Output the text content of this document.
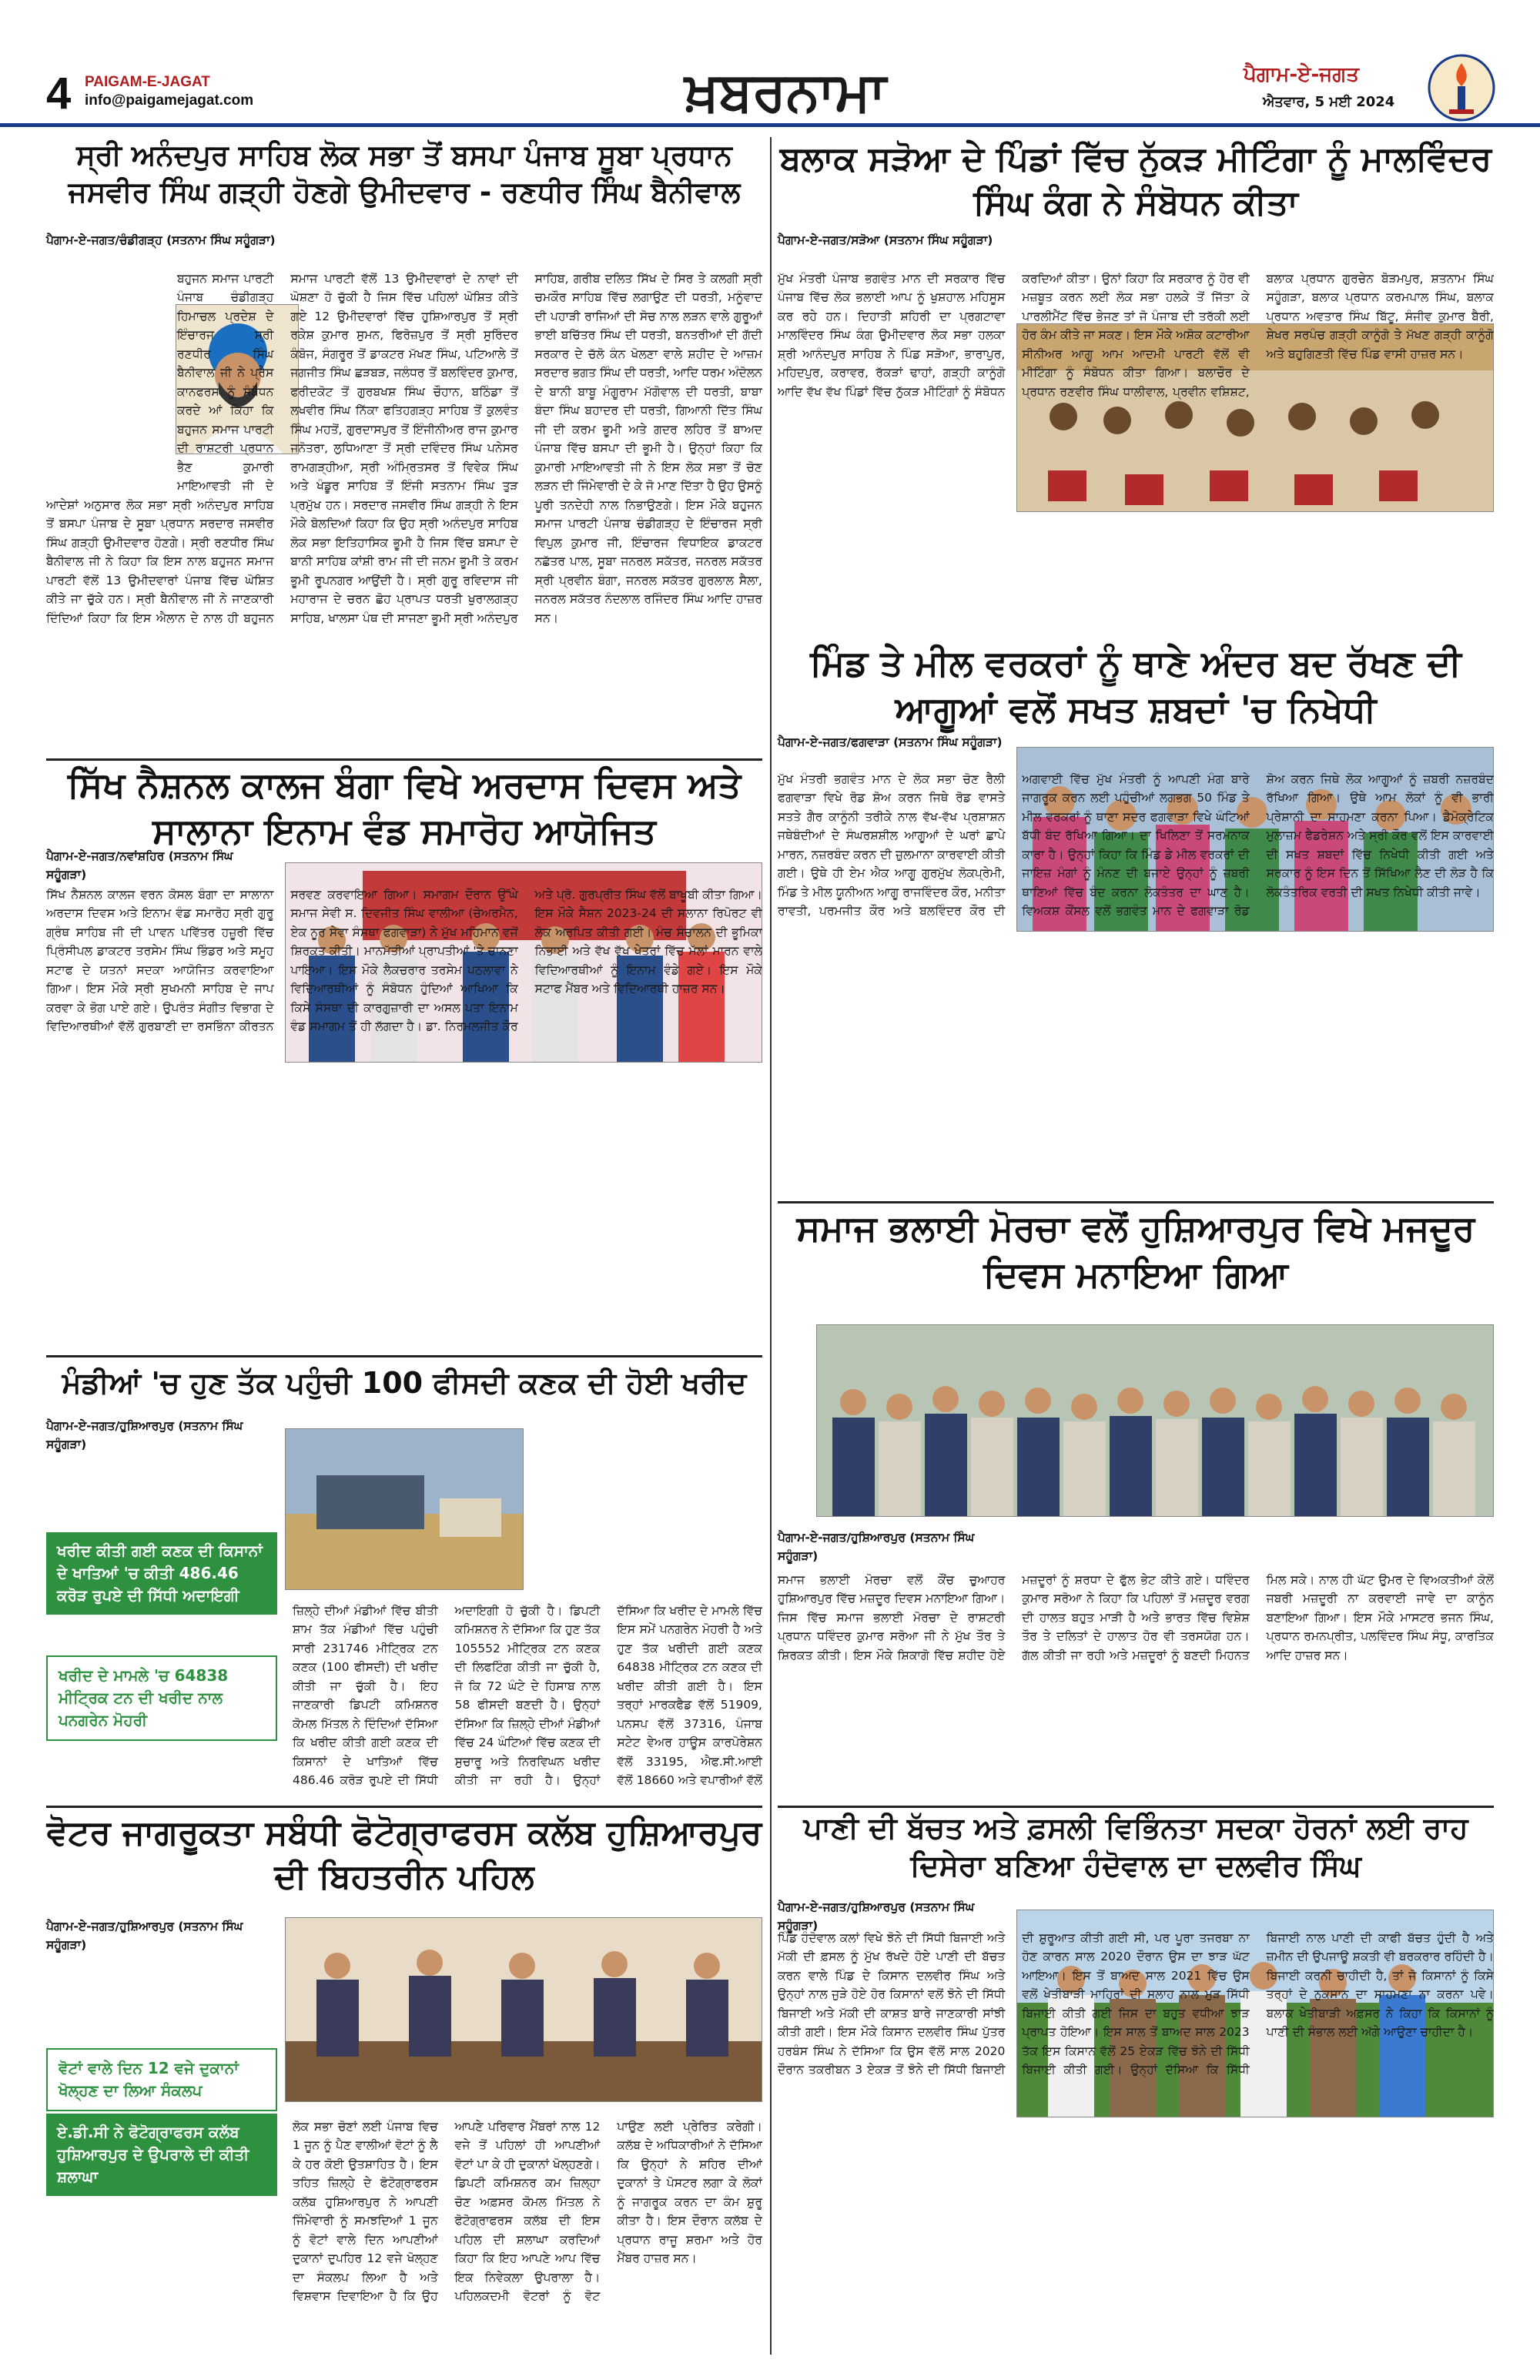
4 PAIGAM-E-JAGAT
info@paigamejagat.com	ਖ਼ਬਰਨਾਮਾ	ਪੈਗਾਮ-ਏ-ਜਗਤ
ਐਤਵਾਰ, 5 ਮਈ 2024
ਸ੍ਰੀ ਅਨੰਦਪੁਰ ਸਾਹਿਬ ਲੋਕ ਸਭਾ ਤੋਂ ਬਸਪਾ ਪੰਜਾਬ ਸੂਬਾ ਪ੍ਰਧਾਨ ਜਸਵੀਰ ਸਿੰਘ ਗੜ੍ਹੀ ਹੋਣਗੇ ਉਮੀਦਵਾਰ - ਰਣਧੀਰ ਸਿੰਘ ਬੈਨੀਵਾਲ
ਪੈਗਾਮ-ਏ-ਜਗਤ/ਚੰਡੀਗੜ੍ਹ (ਸਤਨਾਮ ਸਿੰਘ ਸਹੂੰਗੜਾ)
ਬਹੁਜਨ ਸਮਾਜ ਪਾਰਟੀ ਪੰਜਾਬ ਚੰਡੀਗੜ੍ਹ ਹਿਮਾਚਲ ਪ੍ਰਦੇਸ਼ ਦੇ ਇੰਚਾਰਜ ਸ੍ਰੀ ਰਣਧੀਰ ਸਿੰਘ ਬੈਨੀਵਾਲ ਜੀ ਨੇ ਪ੍ਰੈਸ ਕਾਨਫਰਸ ਨੂੰ ਸੰਬੋਧਨ ਕਰਦੇ ਆਂ ਕਿਹਾ ਕਿ ਬਹੁਜਨ ਸਮਾਜ ਪਾਰਟੀ ਦੀ ਰਾਸ਼ਟਰੀ ਪ੍ਰਧਾਨ ਭੈਣ ਕੁਮਾਰੀ ਮਾਇਆਵਤੀ ਜੀ ਦੇ ਆਦੇਸ਼ਾਂ ਅਨੁਸਾਰ ਲੋਕ ਸਭਾ ਸ੍ਰੀ ਅਨੰਦਪੁਰ ਸਾਹਿਬ ਤੋਂ ਬਸਪਾ ਪੰਜਾਬ ਦੇ ਸੂਬਾ ਪ੍ਰਧਾਨ ਸਰਦਾਰ ਜਸਵੀਰ ਸਿੰਘ ਗੜ੍ਹੀ ਉਮੀਦਵਾਰ ਹੋਣਗੇ। ਸ੍ਰੀ ਰਣਧੀਰ ਸਿੰਘ ਬੈਨੀਵਾਲ ਜੀ ਨੇ ਕਿਹਾ ਕਿ ਇਸ ਨਾਲ ਬਹੁਜਨ ਸਮਾਜ ਪਾਰਟੀ ਵੱਲੋਂ 13 ਉਮੀਦਵਾਰਾਂ ਪੰਜਾਬ ਵਿੱਚ ਘੋਸ਼ਿਤ ਕੀਤੇ ਜਾ ਚੁੱਕੇ ਹਨ। ਸ੍ਰੀ ਬੈਨੀਵਾਲ ਜੀ ਨੇ ਜਾਣਕਾਰੀ ਦਿੰਦਿਆਂ ਕਿਹਾ ਕਿ ਇਸ ਐਲਾਨ ਦੇ ਨਾਲ ਹੀ ਬਹੁਜਨ ਸਮਾਜ ਪਾਰਟੀ ਵੱਲੋਂ 13 ਉਮੀਦਵਾਰਾਂ ਦੇ ਨਾਵਾਂ ਦੀ ਘੋਸ਼ਣਾ ਹੋ ਚੁੱਕੀ ਹੈ ਜਿਸ ਵਿੱਚ ਪਹਿਲਾਂ ਘੋਸ਼ਿਤ ਕੀਤੇ ਗਏ 12 ਉਮੀਦਵਾਰਾਂ ਵਿੱਚ ਹੁਸ਼ਿਆਰਪੁਰ ਤੋਂ ਸ੍ਰੀ ਰਕੇਸ਼ ਕੁਮਾਰ ਸੁਮਨ, ਫਿਰੋਜ਼ਪੁਰ ਤੋਂ ਸ੍ਰੀ ਸੁਰਿੰਦਰ ਕੰਬੋਜ, ਸੰਗਰੂਰ ਤੋਂ ਡਾਕਟਰ ਮੱਖਣ ਸਿੰਘ, ਪਟਿਆਲੇ ਤੋਂ ਜਗਜੀਤ ਸਿੰਘ ਛੜਬੜ, ਜਲੰਧਰ ਤੋਂ ਬਲਵਿੰਦਰ ਕੁਮਾਰ, ਫਰੀਦਕੋਟ ਤੋਂ ਗੁਰਬਖਸ਼ ਸਿੰਘ ਚੌਹਾਨ, ਬਠਿੰਡਾ ਤੋਂ ਲਖਵੀਰ ਸਿੰਘ ਨਿੱਕਾ ਫਤਿਹਗੜ੍ਹ ਸਾਹਿਬ ਤੋਂ ਕੁਲਵੰਤ ਸਿੰਘ ਮਹਤੋਂ, ਗੁਰਦਾਸਪੁਰ ਤੋਂ ਇੰਜੀਨੀਅਰ ਰਾਜ ਕੁਮਾਰ ਜਨੋਤਰਾ, ਲੁਧਿਆਣਾ ਤੋਂ ਸ੍ਰੀ ਦਵਿੰਦਰ ਸਿੰਘ ਪਨੇਸਰ ਰਾਮਗੜ੍ਹੀਆ, ਸ੍ਰੀ ਅੰਮ੍ਰਿਤਸਰ ਤੋਂ ਵਿਵੇਕ ਸਿੰਘ ਅਤੇ ਖੰਡੂਰ ਸਾਹਿਬ ਤੋਂ ਇੰਜੀ ਸਤਨਾਮ ਸਿੰਘ ਤੁੜ ਪ੍ਰਮੁੱਖ ਹਨ। ਸਰਦਾਰ ਜਸਵੀਰ ਸਿੰਘ ਗੜ੍ਹੀ ਨੇ ਇਸ ਮੌਕੇ ਬੋਲਦਿਆਂ ਕਿਹਾ ਕਿ ਉਹ ਸ੍ਰੀ ਅਨੰਦਪੁਰ ਸਾਹਿਬ ਲੋਕ ਸਭਾ ਇਤਿਹਾਸਿਕ ਭੂਮੀ ਹੈ ਜਿਸ ਵਿੱਚ ਬਸਪਾ ਦੇ ਬਾਨੀ ਸਾਹਿਬ ਕਾਂਸ਼ੀ ਰਾਮ ਜੀ ਦੀ ਜਨਮ ਭੂਮੀ ਤੇ ਕਰਮ ਭੂਮੀ ਰੂਪਨਗਰ ਆਉਂਦੀ ਹੈ। ਸ੍ਰੀ ਗੁਰੂ ਰਵਿਦਾਸ ਜੀ ਮਹਾਰਾਜ ਦੇ ਚਰਨ ਛੋਹ ਪ੍ਰਾਪਤ ਧਰਤੀ ਖੁਰਾਲਗੜ੍ਹ ਸਾਹਿਬ, ਖਾਲਸਾ ਪੰਥ ਦੀ ਸਾਜਣਾ ਭੂਮੀ ਸ੍ਰੀ ਅਨੰਦਪੁਰ ਸਾਹਿਬ, ਗਰੀਬ ਦਲਿਤ ਸਿੱਖ ਦੇ ਸਿਰ ਤੇ ਕਲਗੀ ਸ੍ਰੀ ਚਮਕੌਰ ਸਾਹਿਬ ਵਿੱਚ ਲਗਾਉਣ ਦੀ ਧਰਤੀ, ਮਨੂੰਵਾਦ ਦੀ ਪਹਾੜੀ ਰਾਜਿਆਂ ਦੀ ਸੋਚ ਨਾਲ ਲੜਨ ਵਾਲੇ ਗੁਰੂਆਂ ਭਾਈ ਬਚਿੱਤਰ ਸਿੰਘ ਦੀ ਧਰਤੀ, ਬਨਤਰੀਆਂ ਦੀ ਗੱਦੀ ਸਰਕਾਰ ਦੇ ਚੱਲੋ ਕੰਨ ਖੋਲਣਾ ਵਾਲੇ ਸ਼ਹੀਦ ਦੇ ਆਜ਼ਮ ਸਰਦਾਰ ਭਗਤ ਸਿੰਘ ਦੀ ਧਰਤੀ, ਆਦਿ ਧਰਮ ਅੰਦੋਲਨ ਦੇ ਬਾਨੀ ਬਾਬੂ ਮੰਗੂਰਾਮ ਮੱਗੋਵਾਲ ਦੀ ਧਰਤੀ, ਬਾਬਾ ਬੰਦਾ ਸਿੰਘ ਬਹਾਦਰ ਦੀ ਧਰਤੀ, ਗਿਆਨੀ ਦਿੱਤ ਸਿੰਘ ਜੀ ਦੀ ਕਰਮ ਭੂਮੀ ਅਤੇ ਗਦਰ ਲਹਿਰ ਤੋਂ ਬਾਅਦ ਪੰਜਾਬ ਵਿੱਚ ਬਸਪਾ ਦੀ ਭੂਮੀ ਹੈ। ਉਨ੍ਹਾਂ ਕਿਹਾ ਕਿ ਕੁਮਾਰੀ ਮਾਇਆਵਤੀ ਜੀ ਨੇ ਇਸ ਲੋਕ ਸਭਾ ਤੋਂ ਚੋਣ ਲੜਨ ਦੀ ਜਿੰਮੇਵਾਰੀ ਦੇ ਕੇ ਜੋ ਮਾਣ ਦਿੱਤਾ ਹੈ ਉਹ ਉਸਨੂੰ ਪੂਰੀ ਤਨਦੇਹੀ ਨਾਲ ਨਿਭਾਉਣਗੇ। ਇਸ ਮੌਕੇ ਬਹੁਜਨ ਸਮਾਜ ਪਾਰਟੀ ਪੰਜਾਬ ਚੰਡੀਗੜ੍ਹ ਦੇ ਇੰਚਾਰਜ ਸ੍ਰੀ ਵਿਪੁਲ ਕੁਮਾਰ ਜੀ, ਇੰਚਾਰਜ ਵਿਧਾਇਕ ਡਾਕਟਰ ਨਛੱਤਰ ਪਾਲ, ਸੂਬਾ ਜਨਰਲ ਸਕੱਤਰ, ਜਨਰਲ ਸਕੱਤਰ ਸ੍ਰੀ ਪ੍ਰਵੀਨ ਬੰਗਾ, ਜਨਰਲ ਸਕੱਤਰ ਗੁਰਲਾਲ ਸੈਲਾ, ਜਨਰਲ ਸਕੱਤਰ ਨੰਦਲਾਲ ਰਜਿੰਦਰ ਸਿੰਘ ਆਦਿ ਹਾਜ਼ਰ ਸਨ।
ਬਲਾਕ ਸੜੋਆ ਦੇ ਪਿੰਡਾਂ ਵਿੱਚ ਨੁੱਕੜ ਮੀਟਿੰਗਾ ਨੂੰ ਮਾਲਵਿੰਦਰ ਸਿੰਘ ਕੰਗ ਨੇ ਸੰਬੋਧਨ ਕੀਤਾ
ਪੈਗਾਮ-ਏ-ਜਗਤ/ਸੜੋਆ (ਸਤਨਾਮ ਸਿੰਘ ਸਹੂੰਗੜਾ)
ਮੁੱਖ ਮੰਤਰੀ ਪੰਜਾਬ ਭਗਵੰਤ ਮਾਨ ਦੀ ਸਰਕਾਰ ਵਿੱਚ ਪੰਜਾਬ ਵਿੱਚ ਲੋਕ ਭਲਾਈ ਆਪ ਨੂੰ ਖੁਸ਼ਹਾਲ ਮਹਿਸੂਸ ਕਰ ਰਹੇ ਹਨ। ਦਿਹਾਤੀ ਸ਼ਹਿਰੀ ਦਾ ਪ੍ਰਗਟਾਵਾ ਮਾਲਵਿੰਦਰ ਸਿੰਘ ਕੰਗ ਉਮੀਦਵਾਰ ਲੋਕ ਸਭਾ ਹਲਕਾ ਸ਼੍ਰੀ ਆਨੰਦਪੁਰ ਸਾਹਿਬ ਨੇ ਪਿੰਡ ਸੜੋਆ, ਭਾਰਾਪੁਰ, ਮਹਿਦਪੁਰ, ਕਰਾਵਰ, ਰੱਕੜਾਂ ਢਾਹਾਂ, ਗੜ੍ਹੀ ਕਾਨੂੰਗੋ ਆਦਿ ਵੱਖ ਵੱਖ ਪਿੰਡਾਂ ਵਿੱਚ ਨੁੱਕੜ ਮੀਟਿੰਗਾਂ ਨੂੰ ਸੰਬੋਧਨ ਕਰਦਿਆਂ ਕੀਤਾ। ਉਨਾਂ ਕਿਹਾ ਕਿ ਸਰਕਾਰ ਨੂੰ ਹੋਰ ਵੀ ਮਜ਼ਬੂਤ ਕਰਨ ਲਈ ਲੋਕ ਸਭਾ ਹਲਕੇ ਤੋਂ ਜਿੱਤਾ ਕੇ ਪਾਰਲੀਮੈਂਟ ਵਿੱਚ ਭੇਜਣ ਤਾਂ ਜੋ ਪੰਜਾਬ ਦੀ ਤਰੱਕੀ ਲਈ ਹੋਰ ਕੰਮ ਕੀਤੇ ਜਾ ਸਕਣ। ਇਸ ਮੌਕੇ ਅਸ਼ੋਕ ਕਟਾਰੀਆ ਸੀਨੀਅਰ ਆਗੂ ਆਮ ਆਦਮੀ ਪਾਰਟੀ ਵੱਲੋਂ ਵੀ ਮੀਟਿੰਗਾ ਨੂੰ ਸੰਬੋਧਨ ਕੀਤਾ ਗਿਆ। ਬਲਾਚੌਰ ਦੇ ਪ੍ਰਧਾਨ ਰਣਵੀਰ ਸਿੰਘ ਧਾਲੀਵਾਲ, ਪ੍ਰਵੀਨ ਵਸ਼ਿਸ਼ਟ, ਬਲਾਕ ਪ੍ਰਧਾਨ ਗੁਰਚੇਨ ਬੋੜਮਪੁਰ, ਸ਼ਤਨਾਮ ਸਿੰਘ ਸਹੂੰਗੜਾ, ਬਲਾਕ ਪ੍ਰਧਾਨ ਕਰਮਪਾਲ ਸਿੰਘ, ਬਲਾਕ ਪ੍ਰਧਾਨ ਅਵਤਾਰ ਸਿੰਘ ਬਿੱਟੂ, ਸੰਜੀਵ ਕੁਮਾਰ ਬੈਰੀ, ਸ਼ੇਖਰ ਸਰਪੰਚ ਗੜ੍ਹੀ ਕਾਨੂੰਗੋ ਤੇ ਮੱਖਣ ਗੜ੍ਹੀ ਕਾਨੂੰਗੋ ਅਤੇ ਬਹੁਗਿਣਤੀ ਵਿੱਚ ਪਿੰਡ ਵਾਸੀ ਹਾਜ਼ਰ ਸਨ।
ਮਿੰਡ ਤੇ ਮੀਲ ਵਰਕਰਾਂ ਨੂੰ ਥਾਣੇ ਅੰਦਰ ਬਦ ਰੱਖਣ ਦੀ ਆਗੂਆਂ ਵਲੋਂ ਸਖਤ ਸ਼ਬਦਾਂ 'ਚ ਨਿਖੇਧੀ
ਪੈਗਾਮ-ਏ-ਜਗਤ/ਫਗਵਾੜਾ (ਸਤਨਾਮ ਸਿੰਘ ਸਹੂੰਗੜਾ)
ਮੁੱਖ ਮੰਤਰੀ ਭਗਵੰਤ ਮਾਨ ਦੇ ਲੋਕ ਸਭਾ ਚੋਣ ਰੈਲੀ ਫਗਵਾੜਾ ਵਿਖੇ ਰੋਡ ਸ਼ੋਅ ਕਰਨ ਜਿਥੇ ਰੋਡ ਵਾਸਤੇ ਸਤਤੇ ਗੈਰ ਕਾਨੂੰਨੀ ਤਰੀਕੇ ਨਾਲ ਵੱਖ-ਵੱਖ ਪ੍ਰਸ਼ਾਸ਼ਨ ਜਥੇਬੰਦੀਆਂ ਦੇ ਸੰਘਰਸ਼ਸ਼ੀਲ ਆਗੂਆਂ ਦੇ ਘਰਾਂ ਛਾਪੇ ਮਾਰਨ, ਨਜ਼ਰਬੰਦ ਕਰਨ ਦੀ ਜ਼ੁਲਮਾਨਾ ਕਾਰਵਾਈ ਕੀਤੀ ਗਈ। ਉਥੇ ਹੀ ਏਮ ਐਕ ਆਗੂ ਗੁਰਮੁੱਖ ਲੋਕਪ੍ਰੇਮੀ, ਮਿੰਡ ਤੇ ਮੀਲ ਯੂਨੀਅਨ ਆਗੂ ਰਾਜਵਿੰਦਰ ਕੌਰ, ਮਨੀਤਾ ਰਾਵਤੀ, ਪਰਮਜੀਤ ਕੌਰ ਅਤੇ ਬਲਵਿੰਦਰ ਕੌਰ ਦੀ ਅਗਵਾਈ ਵਿੱਚ ਮੁੱਖ ਮੰਤਰੀ ਨੂੰ ਆਪਣੀ ਮੰਗ ਬਾਰੇ ਜਾਗਰੂਕ ਕਰਨ ਲਈ ਪਹੁੰਚੀਆਂ ਲਗਭਗ 50 ਮਿੰਡ ਤੇ ਮੀਲ ਵਰਕਰਾਂ ਨੂੰ ਥਾਣਾ ਸਦਰ ਫਗਵਾੜਾ ਵਿਖੇ ਘੰਟਿਆਂ ਬੱਧੀ ਬੰਦ ਰੱਖਿਆ ਗਿਆ। ਦਾ ਖਿਲਿਣਾ ਤੋਂ ਸਰਮਨਾਕ ਕਾਰਾ ਹੈ। ਉਨ੍ਹਾਂ ਕਿਹਾ ਕਿ ਮਿੰਡ ਡੇ ਮੀਲ ਵਰਕਰਾਂ ਦੀ ਜਾਇਜ਼ ਮੰਗਾਂ ਨੂੰ ਮੰਨਣ ਦੀ ਬਜਾਏ ਉਨ੍ਹਾਂ ਨੂੰ ਜ਼ਬਰੀ ਥਾਣਿਆਂ ਵਿੱਚ ਬੰਦ ਕਰਨਾ ਲੋਕਤੰਤਰ ਦਾ ਘਾਣ ਹੈ। ਵਿਅਕਸ਼ ਕੌਂਸਲ ਵਲੋਂ ਭਗਵੰਤ ਮਾਨ ਦੇ ਫਗਵਾੜਾ ਰੋਡ ਸ਼ੋਅ ਕਰਨ ਜਿਥੇ ਲੋਕ ਆਗੂਆਂ ਨੂੰ ਜ਼ਬਰੀ ਨਜ਼ਰਬੰਦ ਰੱਖਿਆ ਗਿਆ। ਉਥੇ ਆਮ ਲੋਕਾਂ ਨੂੰ ਵੀ ਭਾਰੀ ਪ੍ਰੇਸ਼ਾਨੀ ਦਾ ਸਾਹਮਣਾ ਕਰਨਾ ਪਿਆ। ਡੈਮੋਕ੍ਰੇਟਿਕ ਮੁਲਾਜ਼ਮ ਫੈਡਰੇਸ਼ਨ ਅਤੇ ਸ੍ਰੀ ਕੌਰ ਵਲੋਂ ਇਸ ਕਾਰਵਾਈ ਦੀ ਸਖਤ ਸ਼ਬਦਾਂ ਵਿੱਚ ਨਿਖੇਧੀ ਕੀਤੀ ਗਈ ਅਤੇ ਸਰਕਾਰ ਨੂੰ ਇਸ ਦਿਨ ਤੋਂ ਸਿੱਖਿਆ ਲੈਣ ਦੀ ਲੋੜ ਹੈ ਕਿ ਲੋਕਤੰਤਰਿਕ ਵਰਤੀ ਦੀ ਸਖਤ ਨਿਖੇਧੀ ਕੀਤੀ ਜਾਵੇ।
ਸਿੱਖ ਨੈਸ਼ਨਲ ਕਾਲਜ ਬੰਗਾ ਵਿਖੇ ਅਰਦਾਸ ਦਿਵਸ ਅਤੇ ਸਾਲਾਨਾ ਇਨਾਮ ਵੰਡ ਸਮਾਰੋਹ ਆਯੋਜਿਤ
ਪੈਗਾਮ-ਏ-ਜਗਤ/ਨਵਾਂਸ਼ਹਿਰ (ਸਤਨਾਮ ਸਿੰਘ ਸਹੂੰਗੜਾ)
ਸਿੱਖ ਨੈਸ਼ਨਲ ਕਾਲਜ ਵਰਨ ਕੋਸਲ ਬੰਗਾ ਦਾ ਸਾਲਾਨਾ ਅਰਦਾਸ ਦਿਵਸ ਅਤੇ ਇਨਾਮ ਵੰਡ ਸਮਾਰੋਹ ਸ੍ਰੀ ਗੁਰੂ ਗ੍ਰੰਥ ਸਾਹਿਬ ਜੀ ਦੀ ਪਾਵਨ ਪਵਿੱਤਰ ਹਜ਼ੂਰੀ ਵਿੱਚ ਪ੍ਰਿੰਸੀਪਲ ਡਾਕਟਰ ਤਰਸੇਮ ਸਿੰਘ ਭਿੰਡਰ ਅਤੇ ਸਮੂਹ ਸਟਾਫ ਦੇ ਯਤਨਾਂ ਸਦਕਾ ਆਯੋਜਿਤ ਕਰਵਾਇਆ ਗਿਆ। ਇਸ ਮੌਕੇ ਸ੍ਰੀ ਸੁਖਮਨੀ ਸਾਹਿਬ ਦੇ ਜਾਪ ਕਰਵਾ ਕੇ ਭੋਗ ਪਾਏ ਗਏ। ਉਪਰੰਤ ਸੰਗੀਤ ਵਿਭਾਗ ਦੇ ਵਿਦਿਆਰਥੀਆਂ ਵੱਲੋਂ ਗੁਰਬਾਣੀ ਦਾ ਰਸਭਿੰਨਾ ਕੀਰਤਨ ਸਰਵਣ ਕਰਵਾਇਆ ਗਿਆ। ਸਮਾਗਮ ਦੌਰਾਨ ਉੱਘੇ ਸਮਾਜ ਸੇਵੀ ਸ. ਦਿਵਜੀਤ ਸਿੰਘ ਵਾਲੀਆ (ਚੇਅਰਮੈਨ, ਏਕ ਨੂਰ ਸੇਵਾ ਸੰਸਥਾ ਫਗਵਾੜਾ) ਨੇ ਮੁੱਖ ਮਹਿਮਾਨ ਵਜੋਂ ਸ਼ਿਰਕਤ ਕੀਤੀ। ਮਾਨਮੱਤੀਆਂ ਪ੍ਰਾਪਤੀਆਂ 'ਤੇ ਚਾਨਣਾ ਪਾਇਆ। ਇਸ ਮੌਕੇ ਲੈਕਚਰਾਰ ਤਰਸੇਮ ਪਠਲਾਵਾ ਨੇ ਵਿਦਿਆਰਥੀਆਂ ਨੂੰ ਸੰਬੋਧਨ ਹੁੰਦਿਆਂ ਆਖਿਆ ਕਿ ਕਿਸੇ ਸੰਸਥਾ ਦੀ ਕਾਰਗੁਜ਼ਾਰੀ ਦਾ ਅਸਲ ਪਤਾ ਇਨਾਮ ਵੰਡ ਸਮਾਗਮ ਤੋਂ ਹੀ ਲੱਗਦਾ ਹੈ। ਡਾ. ਨਿਰਮਲਜੀਤ ਕੌਰ ਅਤੇ ਪ੍ਰੋ. ਗੁਰਪ੍ਰੀਤ ਸਿੰਘ ਵੱਲੋਂ ਬਾਖੂਬੀ ਕੀਤਾ ਗਿਆ। ਇਸ ਮੌਕੇ ਸੈਸ਼ਨ 2023-24 ਦੀ ਸਲਾਨਾ ਰਿਪੋਰਟ ਵੀ ਲੋਕ ਅਰਪਿਤ ਕੀਤੀ ਗਈ। ਮੰਚ ਸੰਚਾਲਨ ਦੀ ਭੂਮਿਕਾ ਨਿਭਾਈ ਅਤੇ ਵੱਖ ਵੱਖ ਖੇਤਰਾਂ ਵਿੱਚ ਮੱਲਾਂ ਮਾਰਨ ਵਾਲੇ ਵਿਦਿਆਰਥੀਆਂ ਨੂੰ ਇਨਾਮ ਵੰਡੇ ਗਏ। ਇਸ ਮੌਕੇ ਸਟਾਫ ਮੈਂਬਰ ਅਤੇ ਵਿਦਿਆਰਥੀ ਹਾਜ਼ਰ ਸਨ।
ਸਮਾਜ ਭਲਾਈ ਮੋਰਚਾ ਵਲੋਂ ਹੁਸ਼ਿਆਰਪੁਰ ਵਿਖੇ ਮਜਦੂਰ ਦਿਵਸ ਮਨਾਇਆ ਗਿਆ
ਪੈਗਾਮ-ਏ-ਜਗਤ/ਹੁਸ਼ਿਆਰਪੁਰ (ਸਤਨਾਮ ਸਿੰਘ ਸਹੂੰਗੜਾ)
ਸਮਾਜ ਭਲਾਈ ਮੋਰਚਾ ਵਲੋਂ ਕੌਂਚ ਚੁਆਹਰ ਹੁਸ਼ਿਆਰਪੁਰ ਵਿੱਚ ਮਜ਼ਦੂਰ ਦਿਵਸ ਮਨਾਇਆ ਗਿਆ। ਜਿਸ ਵਿੱਚ ਸਮਾਜ ਭਲਾਈ ਮੋਰਚਾ ਦੇ ਰਾਸ਼ਟਰੀ ਪ੍ਰਧਾਨ ਧਵਿੰਦਰ ਕੁਮਾਰ ਸਰੋਆ ਜੀ ਨੇ ਮੁੱਖ ਤੌਰ ਤੇ ਸ਼ਿਰਕਤ ਕੀਤੀ। ਇਸ ਮੌਕੇ ਸ਼ਿਕਾਗੋ ਵਿੱਚ ਸ਼ਹੀਦ ਹੋਏ ਮਜ਼ਦੂਰਾਂ ਨੂੰ ਸ਼ਰਧਾ ਦੇ ਫੁੱਲ ਭੇਟ ਕੀਤੇ ਗਏ। ਧਵਿੰਦਰ ਕੁਮਾਰ ਸਰੋਆ ਨੇ ਕਿਹਾ ਕਿ ਪਹਿਲਾਂ ਤੋਂ ਮਜ਼ਦੂਰ ਵਰਗ ਦੀ ਹਾਲਤ ਬਹੁਤ ਮਾੜੀ ਹੈ ਅਤੇ ਭਾਰਤ ਵਿੱਚ ਵਿਸ਼ੇਸ਼ ਤੌਰ ਤੇ ਦਲਿਤਾਂ ਦੇ ਹਾਲਾਤ ਹੋਰ ਵੀ ਤਰਸਯੋਗ ਹਨ। ਗੱਲ ਕੀਤੀ ਜਾ ਰਹੀ ਅਤੇ ਮਜ਼ਦੂਰਾਂ ਨੂੰ ਬਣਦੀ ਮਿਹਨਤ ਮਿਲ ਸਕੇ। ਨਾਲ ਹੀ ਘੱਟ ਉਮਰ ਦੇ ਵਿਅਕਤੀਆਂ ਕੋਲੋਂ ਜਬਰੀ ਮਜ਼ਦੂਰੀ ਨਾ ਕਰਵਾਈ ਜਾਵੇ ਦਾ ਕਾਨੂੰਨ ਬਣਾਇਆ ਗਿਆ। ਇਸ ਮੌਕੇ ਮਾਸਟਰ ਭਜਨ ਸਿੰਘ, ਪ੍ਰਧਾਨ ਰਮਨਪ੍ਰੀਤ, ਪਲਵਿੰਦਰ ਸਿੰਘ ਸੰਧੂ, ਕਾਰਤਿਕ ਆਦਿ ਹਾਜ਼ਰ ਸਨ।
ਮੰਡੀਆਂ 'ਚ ਹੁਣ ਤੱਕ ਪਹੁੰਚੀ 100 ਫੀਸਦੀ ਕਣਕ ਦੀ ਹੋਈ ਖਰੀਦ
ਪੈਗਾਮ-ਏ-ਜਗਤ/ਹੁਸ਼ਿਆਰਪੁਰ (ਸਤਨਾਮ ਸਿੰਘ ਸਹੂੰਗੜਾ)
ਖਰੀਦ ਕੀਤੀ ਗਈ ਕਣਕ ਦੀ ਕਿਸਾਨਾਂ ਦੇ ਖਾਤਿਆਂ 'ਚ ਕੀਤੀ 486.46 ਕਰੋੜ ਰੁਪਏ ਦੀ ਸਿੱਧੀ ਅਦਾਇਗੀ
ਖਰੀਦ ਦੇ ਮਾਮਲੇ 'ਚ 64838 ਮੀਟ੍ਰਿਕ ਟਨ ਦੀ ਖਰੀਦ ਨਾਲ ਪਨਗਰੇਨ ਮੋਹਰੀ
ਜ਼ਿਲ੍ਹੇ ਦੀਆਂ ਮੰਡੀਆਂ ਵਿੱਚ ਬੀਤੀ ਸ਼ਾਮ ਤੱਕ ਮੰਡੀਆਂ ਵਿੱਚ ਪਹੁੰਚੀ ਸਾਰੀ 231746 ਮੀਟ੍ਰਿਕ ਟਨ ਕਣਕ (100 ਫੀਸਦੀ) ਦੀ ਖਰੀਦ ਕੀਤੀ ਜਾ ਚੁੱਕੀ ਹੈ। ਇਹ ਜਾਣਕਾਰੀ ਡਿਪਟੀ ਕਮਿਸ਼ਨਰ ਕੋਮਲ ਮਿੱਤਲ ਨੇ ਦਿੰਦਿਆਂ ਦੱਸਿਆ ਕਿ ਖਰੀਦ ਕੀਤੀ ਗਈ ਕਣਕ ਦੀ ਕਿਸਾਨਾਂ ਦੇ ਖਾਤਿਆਂ ਵਿੱਚ 486.46 ਕਰੋੜ ਰੁਪਏ ਦੀ ਸਿੱਧੀ ਅਦਾਇਗੀ ਹੋ ਚੁੱਕੀ ਹੈ। ਡਿਪਟੀ ਕਮਿਸ਼ਨਰ ਨੇ ਦੱਸਿਆ ਕਿ ਹੁਣ ਤੱਕ 105552 ਮੀਟ੍ਰਿਕ ਟਨ ਕਣਕ ਦੀ ਲਿਫਟਿੰਗ ਕੀਤੀ ਜਾ ਚੁੱਕੀ ਹੈ, ਜੋ ਕਿ 72 ਘੰਟੇ ਦੇ ਹਿਸਾਬ ਨਾਲ 58 ਫੀਸਦੀ ਬਣਦੀ ਹੈ। ਉਨ੍ਹਾਂ ਦੱਸਿਆ ਕਿ ਜ਼ਿਲ੍ਹੇ ਦੀਆਂ ਮੰਡੀਆਂ ਵਿੱਚ 24 ਘੰਟਿਆਂ ਵਿੱਚ ਕਣਕ ਦੀ ਸੁਚਾਰੂ ਅਤੇ ਨਿਰਵਿਘਨ ਖਰੀਦ ਕੀਤੀ ਜਾ ਰਹੀ ਹੈ। ਉਨ੍ਹਾਂ ਦੱਸਿਆ ਕਿ ਖਰੀਦ ਦੇ ਮਾਮਲੇ ਵਿੱਚ ਇਸ ਸਮੇਂ ਪਨਗਰੇਨ ਮੋਹਰੀ ਹੈ ਅਤੇ ਹੁਣ ਤੱਕ ਖਰੀਦੀ ਗਈ ਕਣਕ 64838 ਮੀਟ੍ਰਿਕ ਟਨ ਕਣਕ ਦੀ ਖਰੀਦ ਕੀਤੀ ਗਈ ਹੈ। ਇਸ ਤਰ੍ਹਾਂ ਮਾਰਕਫੈਡ ਵੱਲੋਂ 51909, ਪਨਸਪ ਵੱਲੋਂ 37316, ਪੰਜਾਬ ਸਟੇਟ ਵੇਅਰ ਹਾਊਸ ਕਾਰਪੋਰੇਸ਼ਨ ਵੱਲੋਂ 33195, ਐਫ.ਸੀ.ਆਈ ਵੱਲੋਂ 18660 ਅਤੇ ਵਪਾਰੀਆਂ ਵੱਲੋਂ
ਪਾਣੀ ਦੀ ਬੱਚਤ ਅਤੇ ਫ਼ਸਲੀ ਵਿਭਿੰਨਤਾ ਸਦਕਾ ਹੋਰਨਾਂ ਲਈ ਰਾਹ ਦਿਸੇਰਾ ਬਣਿਆ ਹੰਦੋਵਾਲ ਦਾ ਦਲਵੀਰ ਸਿੰਘ
ਪੈਗਾਮ-ਏ-ਜਗਤ/ਹੁਸ਼ਿਆਰਪੁਰ (ਸਤਨਾਮ ਸਿੰਘ ਸਹੂੰਗੜਾ)
ਪਿੰਡ ਹੰਦੋਵਾਲ ਕਲਾਂ ਵਿਖੇ ਝੋਨੇ ਦੀ ਸਿੱਧੀ ਬਿਜਾਈ ਅਤੇ ਮੱਕੀ ਦੀ ਫ਼ਸਲ ਨੂੰ ਮੁੱਖ ਰੱਖਦੇ ਹੋਏ ਪਾਣੀ ਦੀ ਬੱਚਤ ਕਰਨ ਵਾਲੇ ਪਿੰਡ ਦੇ ਕਿਸਾਨ ਦਲਵੀਰ ਸਿੰਘ ਅਤੇ ਉਨ੍ਹਾਂ ਨਾਲ ਜੁੜੇ ਹੋਏ ਹੋਰ ਕਿਸਾਨਾਂ ਵਲੋਂ ਝੋਨੇ ਦੀ ਸਿੱਧੀ ਬਿਜਾਈ ਅਤੇ ਮੱਕੀ ਦੀ ਕਾਸ਼ਤ ਬਾਰੇ ਜਾਣਕਾਰੀ ਸਾਂਝੀ ਕੀਤੀ ਗਈ। ਇਸ ਮੌਕੇ ਕਿਸਾਨ ਦਲਵੀਰ ਸਿੰਘ ਪੁੱਤਰ ਹਰਬੰਸ ਸਿੰਘ ਨੇ ਦੱਸਿਆ ਕਿ ਉਸ ਵੱਲੋਂ ਸਾਲ 2020 ਦੌਰਾਨ ਤਕਰੀਬਨ 3 ਏਕੜ ਤੋਂ ਝੋਨੇ ਦੀ ਸਿੱਧੀ ਬਿਜਾਈ ਦੀ ਸ਼ੁਰੂਆਤ ਕੀਤੀ ਗਈ ਸੀ, ਪਰ ਪੂਰਾ ਤਜਰਬਾ ਨਾ ਹੋਣ ਕਾਰਨ ਸਾਲ 2020 ਦੌਰਾਨ ਉਸ ਦਾ ਝਾੜ ਘੱਟ ਆਇਆ। ਇਸ ਤੋਂ ਬਾਅਦ ਸਾਲ 2021 ਵਿੱਚ ਉਸ ਵਲੋਂ ਖੇਤੀਬਾੜੀ ਮਾਹਿਰਾਂ ਦੀ ਸਲਾਹ ਨਾਲ ਮੁੜ ਸਿੱਧੀ ਬਿਜਾਈ ਕੀਤੀ ਗਈ ਜਿਸ ਦਾ ਬਹੁਤ ਵਧੀਆ ਝਾੜ ਪ੍ਰਾਪਤ ਹੋਇਆ। ਇਸ ਸਾਲ ਤੋਂ ਬਾਅਦ ਸਾਲ 2023 ਤੱਕ ਇਸ ਕਿਸਾਨ ਵੱਲੋਂ 25 ਏਕੜ ਵਿੱਚ ਝੋਨੇ ਦੀ ਸਿੱਧੀ ਬਿਜਾਈ ਕੀਤੀ ਗਈ। ਉਨ੍ਹਾਂ ਦੱਸਿਆ ਕਿ ਸਿੱਧੀ ਬਿਜਾਈ ਨਾਲ ਪਾਣੀ ਦੀ ਕਾਫੀ ਬੱਚਤ ਹੁੰਦੀ ਹੈ ਅਤੇ ਜ਼ਮੀਨ ਦੀ ਉਪਜਾਊ ਸ਼ਕਤੀ ਵੀ ਬਰਕਰਾਰ ਰਹਿੰਦੀ ਹੈ। ਬਿਜਾਈ ਕਰਨੀ ਚਾਹੀਦੀ ਹੈ, ਤਾਂ ਜੋ ਕਿਸਾਨਾਂ ਨੂੰ ਕਿਸੇ ਤਰ੍ਹਾਂ ਦੇ ਨੁਕਸਾਨ ਦਾ ਸਾਹਮਣਾ ਨਾ ਕਰਨਾ ਪਵੇ। ਬਲਾਕ ਖੇਤੀਬਾੜੀ ਅਫ਼ਸਰ ਨੇ ਕਿਹਾ ਕਿ ਕਿਸਾਨਾਂ ਨੂੰ ਪਾਣੀ ਦੀ ਸੰਭਾਲ ਲਈ ਅੱਗੇ ਆਉਣਾ ਚਾਹੀਦਾ ਹੈ।
ਵੋਟਰ ਜਾਗਰੂਕਤਾ ਸਬੰਧੀ ਫੋਟੋਗ੍ਰਾਫਰਸ ਕਲੱਬ ਹੁਸ਼ਿਆਰਪੁਰ ਦੀ ਬਿਹਤਰੀਨ ਪਹਿਲ
ਪੈਗਾਮ-ਏ-ਜਗਤ/ਹੁਸ਼ਿਆਰਪੁਰ (ਸਤਨਾਮ ਸਿੰਘ ਸਹੂੰਗੜਾ)
ਵੋਟਾਂ ਵਾਲੇ ਦਿਨ 12 ਵਜੇ ਦੁਕਾਨਾਂ ਖੋਲ੍ਹਣ ਦਾ ਲਿਆ ਸੰਕਲਪ
ਏ.ਡੀ.ਸੀ ਨੇ ਫੋਟੋਗ੍ਰਾਫਰਸ ਕਲੱਬ ਹੁਸ਼ਿਆਰਪੁਰ ਦੇ ਉਪਰਾਲੇ ਦੀ ਕੀਤੀ ਸ਼ਲਾਘਾ
ਲੋਕ ਸਭਾ ਚੋਣਾਂ ਲਈ ਪੰਜਾਬ ਵਿਚ 1 ਜੂਨ ਨੂੰ ਪੈਣ ਵਾਲੀਆਂ ਵੋਟਾਂ ਨੂੰ ਲੈ ਕੇ ਹਰ ਕੋਈ ਉਤਸ਼ਾਹਿਤ ਹੈ। ਇਸ ਤਹਿਤ ਜ਼ਿਲ੍ਹੇ ਦੇ ਫੋਟੋਗ੍ਰਾਫਰਸ ਕਲੱਬ ਹੁਸ਼ਿਆਰਪੁਰ ਨੇ ਆਪਣੀ ਜਿੰਮੇਵਾਰੀ ਨੂੰ ਸਮਝਦਿਆਂ 1 ਜੂਨ ਨੂੰ ਵੋਟਾਂ ਵਾਲੇ ਦਿਨ ਆਪਣੀਆਂ ਦੁਕਾਨਾਂ ਦੁਪਹਿਰ 12 ਵਜੇ ਖੋਲ੍ਹਣ ਦਾ ਸੰਕਲਪ ਲਿਆ ਹੈ ਅਤੇ ਵਿਸ਼ਵਾਸ ਦਿਵਾਇਆ ਹੈ ਕਿ ਉਹ ਆਪਣੇ ਪਰਿਵਾਰ ਮੈਂਬਰਾਂ ਨਾਲ 12 ਵਜੇ ਤੋਂ ਪਹਿਲਾਂ ਹੀ ਆਪਣੀਆਂ ਵੋਟਾਂ ਪਾ ਕੇ ਹੀ ਦੁਕਾਨਾਂ ਖੋਲ੍ਹਣਗੇ। ਡਿਪਟੀ ਕਮਿਸ਼ਨਰ ਕਮ ਜ਼ਿਲ੍ਹਾ ਚੋਣ ਅਫ਼ਸਰ ਕੋਮਲ ਮਿੱਤਲ ਨੇ ਫੋਟੋਗ੍ਰਾਫਰਸ ਕਲੱਬ ਦੀ ਇਸ ਪਹਿਲ ਦੀ ਸ਼ਲਾਘਾ ਕਰਦਿਆਂ ਕਿਹਾ ਕਿ ਇਹ ਆਪਣੇ ਆਪ ਵਿੱਚ ਇਕ ਨਿਵੇਕਲਾ ਉਪਰਾਲਾ ਹੈ। ਪਹਿਲਕਦਮੀ ਵੋਟਰਾਂ ਨੂੰ ਵੋਟ ਪਾਉਣ ਲਈ ਪ੍ਰੇਰਿਤ ਕਰੇਗੀ। ਕਲੱਬ ਦੇ ਅਧਿਕਾਰੀਆਂ ਨੇ ਦੱਸਿਆ ਕਿ ਉਨ੍ਹਾਂ ਨੇ ਸ਼ਹਿਰ ਦੀਆਂ ਦੁਕਾਨਾਂ ਤੇ ਪੋਸਟਰ ਲਗਾ ਕੇ ਲੋਕਾਂ ਨੂੰ ਜਾਗਰੂਕ ਕਰਨ ਦਾ ਕੰਮ ਸ਼ੁਰੂ ਕੀਤਾ ਹੈ। ਇਸ ਦੌਰਾਨ ਕਲੱਬ ਦੇ ਪ੍ਰਧਾਨ ਰਾਜੂ ਸ਼ਰਮਾ ਅਤੇ ਹੋਰ ਮੈਂਬਰ ਹਾਜ਼ਰ ਸਨ।
